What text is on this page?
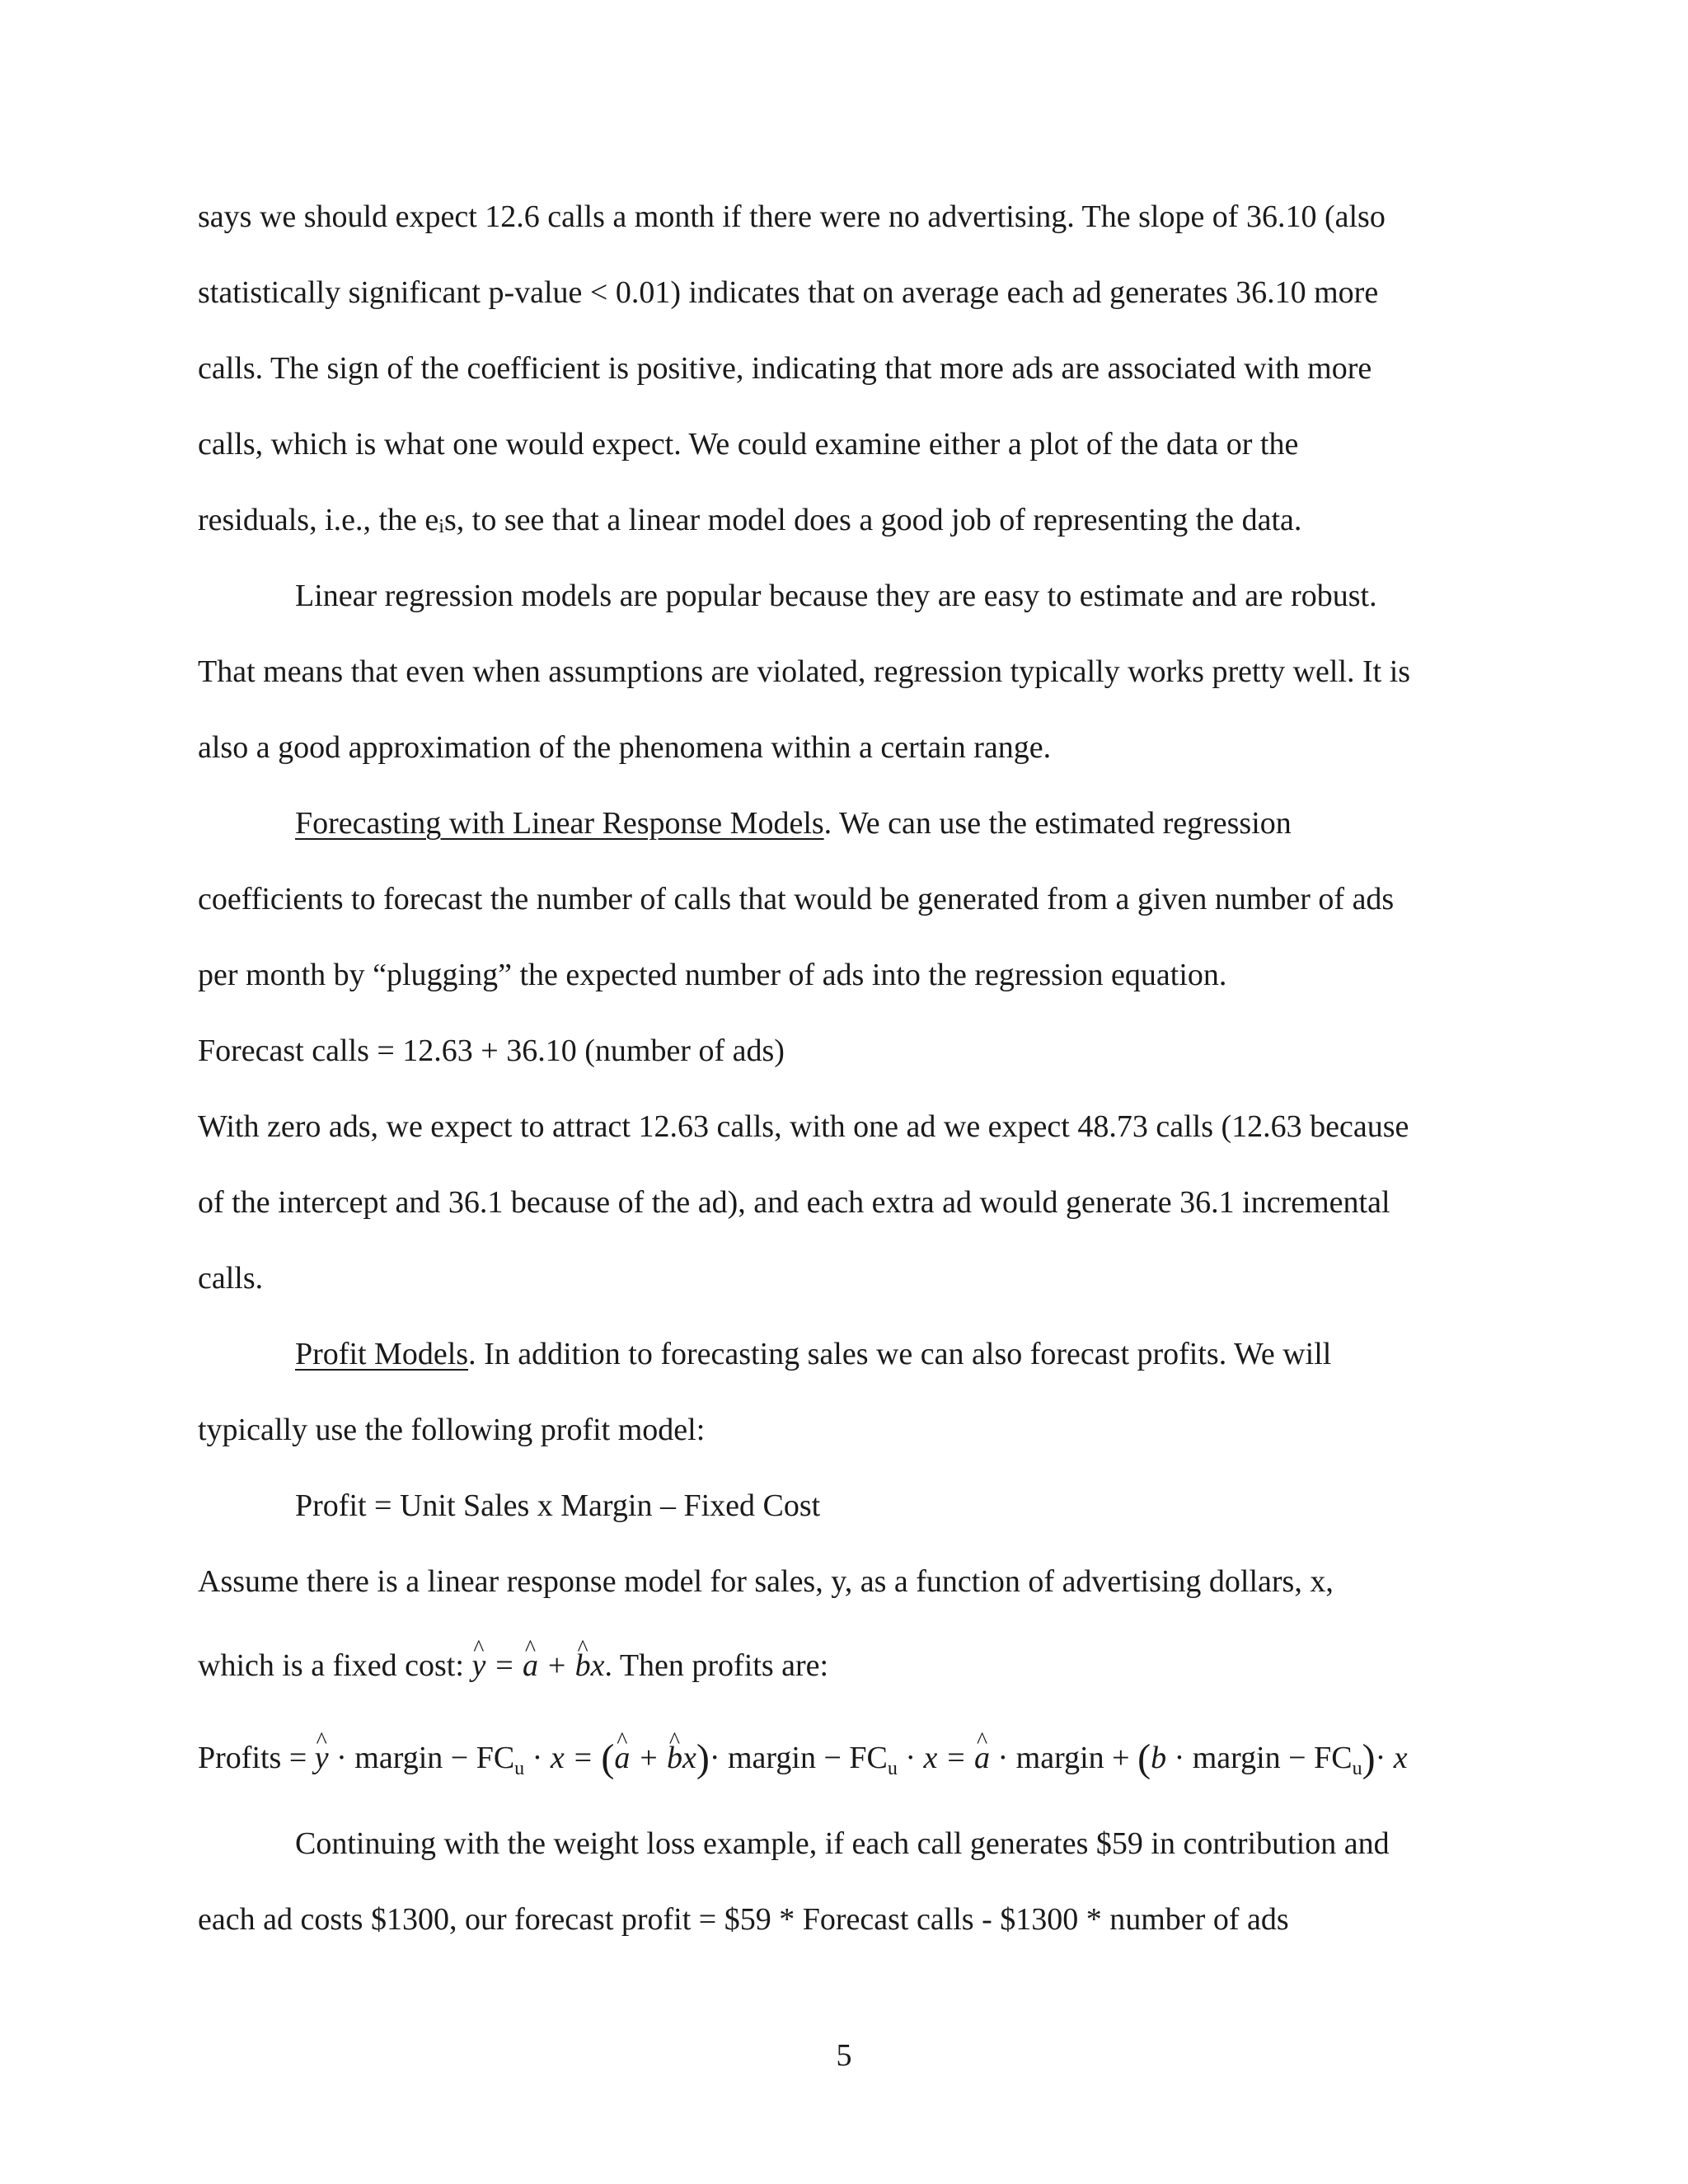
says we should expect 12.6 calls a month if there were no advertising. The slope of 36.10 (also
statistically significant p-value < 0.01) indicates that on average each ad generates 36.10 more
calls. The sign of the coefficient is positive, indicating that more ads are associated with more
calls, which is what one would expect. We could examine either a plot of the data or the
residuals, i.e., the eis, to see that a linear model does a good job of representing the data.
Linear regression models are popular because they are easy to estimate and are robust.
That means that even when assumptions are violated, regression typically works pretty well. It is
also a good approximation of the phenomena within a certain range.
Forecasting with Linear Response Models. We can use the estimated regression
coefficients to forecast the number of calls that would be generated from a given number of ads
per month by “plugging” the expected number of ads into the regression equation.
Forecast calls = 12.63 + 36.10 (number of ads)
With zero ads, we expect to attract 12.63 calls, with one ad we expect 48.73 calls (12.63 because
of the intercept and 36.1 because of the ad), and each extra ad would generate 36.1 incremental
calls.
Profit Models. In addition to forecasting sales we can also forecast profits. We will
typically use the following profit model:
Profit = Unit Sales x Margin – Fixed Cost
Assume there is a linear response model for sales, y, as a function of advertising dollars, x,
which is a fixed cost: ^ y = ^ a + ^ bx. Then profits are:
Profits = ^ y · margin − $FC_u \cdot x$ = (^ a + ^ bx)· margin − $FC_u \cdot x$ = ^ a · margin + (b · margin − $FC_u)\cdot x$
Continuing with the weight loss example, if each call generates $59 in contribution and
each ad costs $1300, our forecast profit = $59 * Forecast calls - $1300 * number of ads
5
